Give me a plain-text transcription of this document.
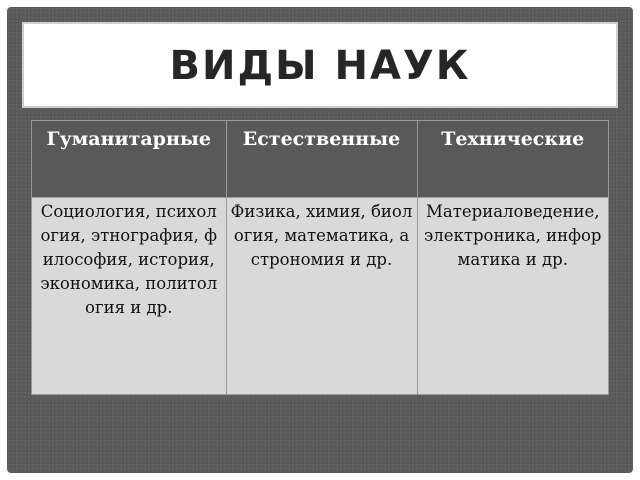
ВИДЫ НАУК
Гуманитарные	Естественные	Технические
Социология, психология, этнография, философия, история, экономика, политология и др.	Физика, химия, биология, математика, астрономия и др.	Материаловедение, электроника, информатика и др.
